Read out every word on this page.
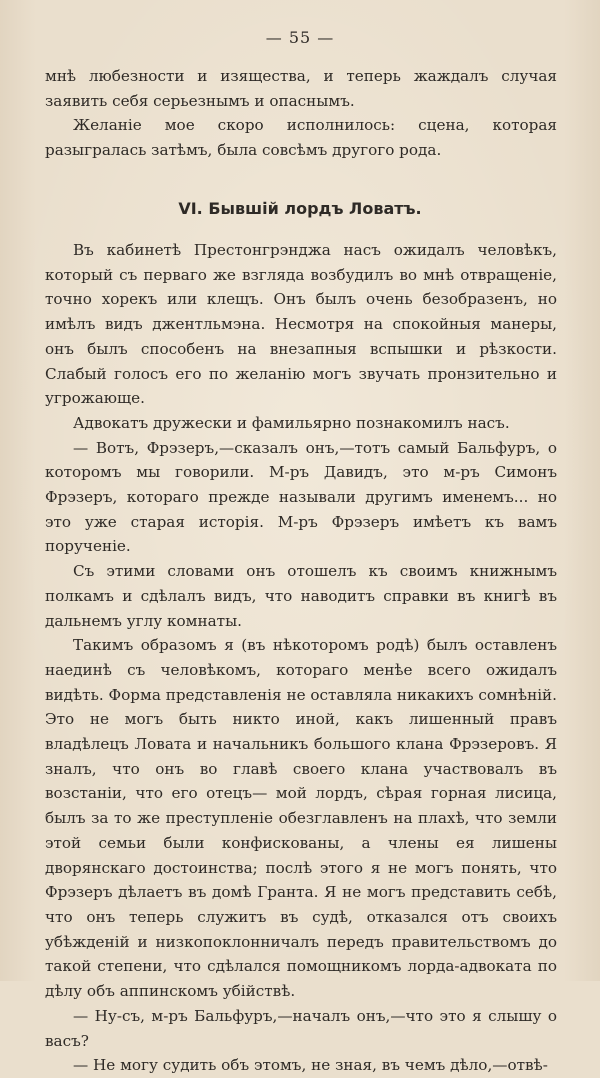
— 55 —

мнѣ любезности и изящества, и теперь жаждалъ случая заявить себя серьезнымъ и опаснымъ.

Желаніе мое скоро исполнилось: сцена, которая разыгралась затѣмъ, была совсѣмъ другого рода.

VI. Бывшій лордъ Ловатъ.

Въ кабинетѣ Престонгрэнджа насъ ожидалъ человѣкъ, который съ перваго же взгляда возбудилъ во мнѣ отвращеніе, точно хорекъ или клещъ. Онъ былъ очень безобразенъ, но имѣлъ видъ джентльмэна. Несмотря на спокойныя манеры, онъ былъ способенъ на внезапныя вспышки и рѣзкости. Слабый голосъ его по желанію могъ звучать пронзительно и угрожающе.

Адвокатъ дружески и фамильярно познакомилъ насъ.

— Вотъ, Фрэзеръ,—сказалъ онъ,—тотъ самый Бальфуръ, о которомъ мы говорили. М-ръ Давидъ, это м-ръ Симонъ Фрэзеръ, котораго прежде называли другимъ именемъ... но это уже старая исторія. М-ръ Фрэзеръ имѣетъ къ вамъ порученіе.

Съ этими словами онъ отошелъ къ своимъ книжнымъ полкамъ и сдѣлалъ видъ, что наводитъ справки въ книгѣ въ дальнемъ углу комнаты.

Такимъ образомъ я (въ нѣкоторомъ родѣ) былъ оставленъ наединѣ съ человѣкомъ, котораго менѣе всего ожидалъ видѣть. Форма представленія не оставляла никакихъ сомнѣній. Это не могъ быть никто иной, какъ лишенный правъ владѣлецъ Ловата и начальникъ большого клана Фрэзеровъ. Я зналъ, что онъ во главѣ своего клана участвовалъ въ возстаніи, что его отецъ— мой лордъ, сѣрая горная лисица, былъ за то же преступленіе обезглавленъ на плахѣ, что земли этой семьи были конфискованы, а члены ея лишены дворянскаго достоинства; послѣ этого я не могъ понять, что Фрэзеръ дѣлаетъ въ домѣ Гранта. Я не могъ представить себѣ, что онъ теперь служитъ въ судѣ, отказался отъ своихъ убѣжденій и низкопоклонничалъ передъ правительствомъ до такой степени, что сдѣлался помощникомъ лорда-адвоката по дѣлу объ аппинскомъ убійствѣ.

— Ну-съ, м-ръ Бальфуръ,—началъ онъ,—что это я слышу о васъ?

— Не могу судить объ этомъ, не зная, въ чемъ дѣло,—отвѣ-
